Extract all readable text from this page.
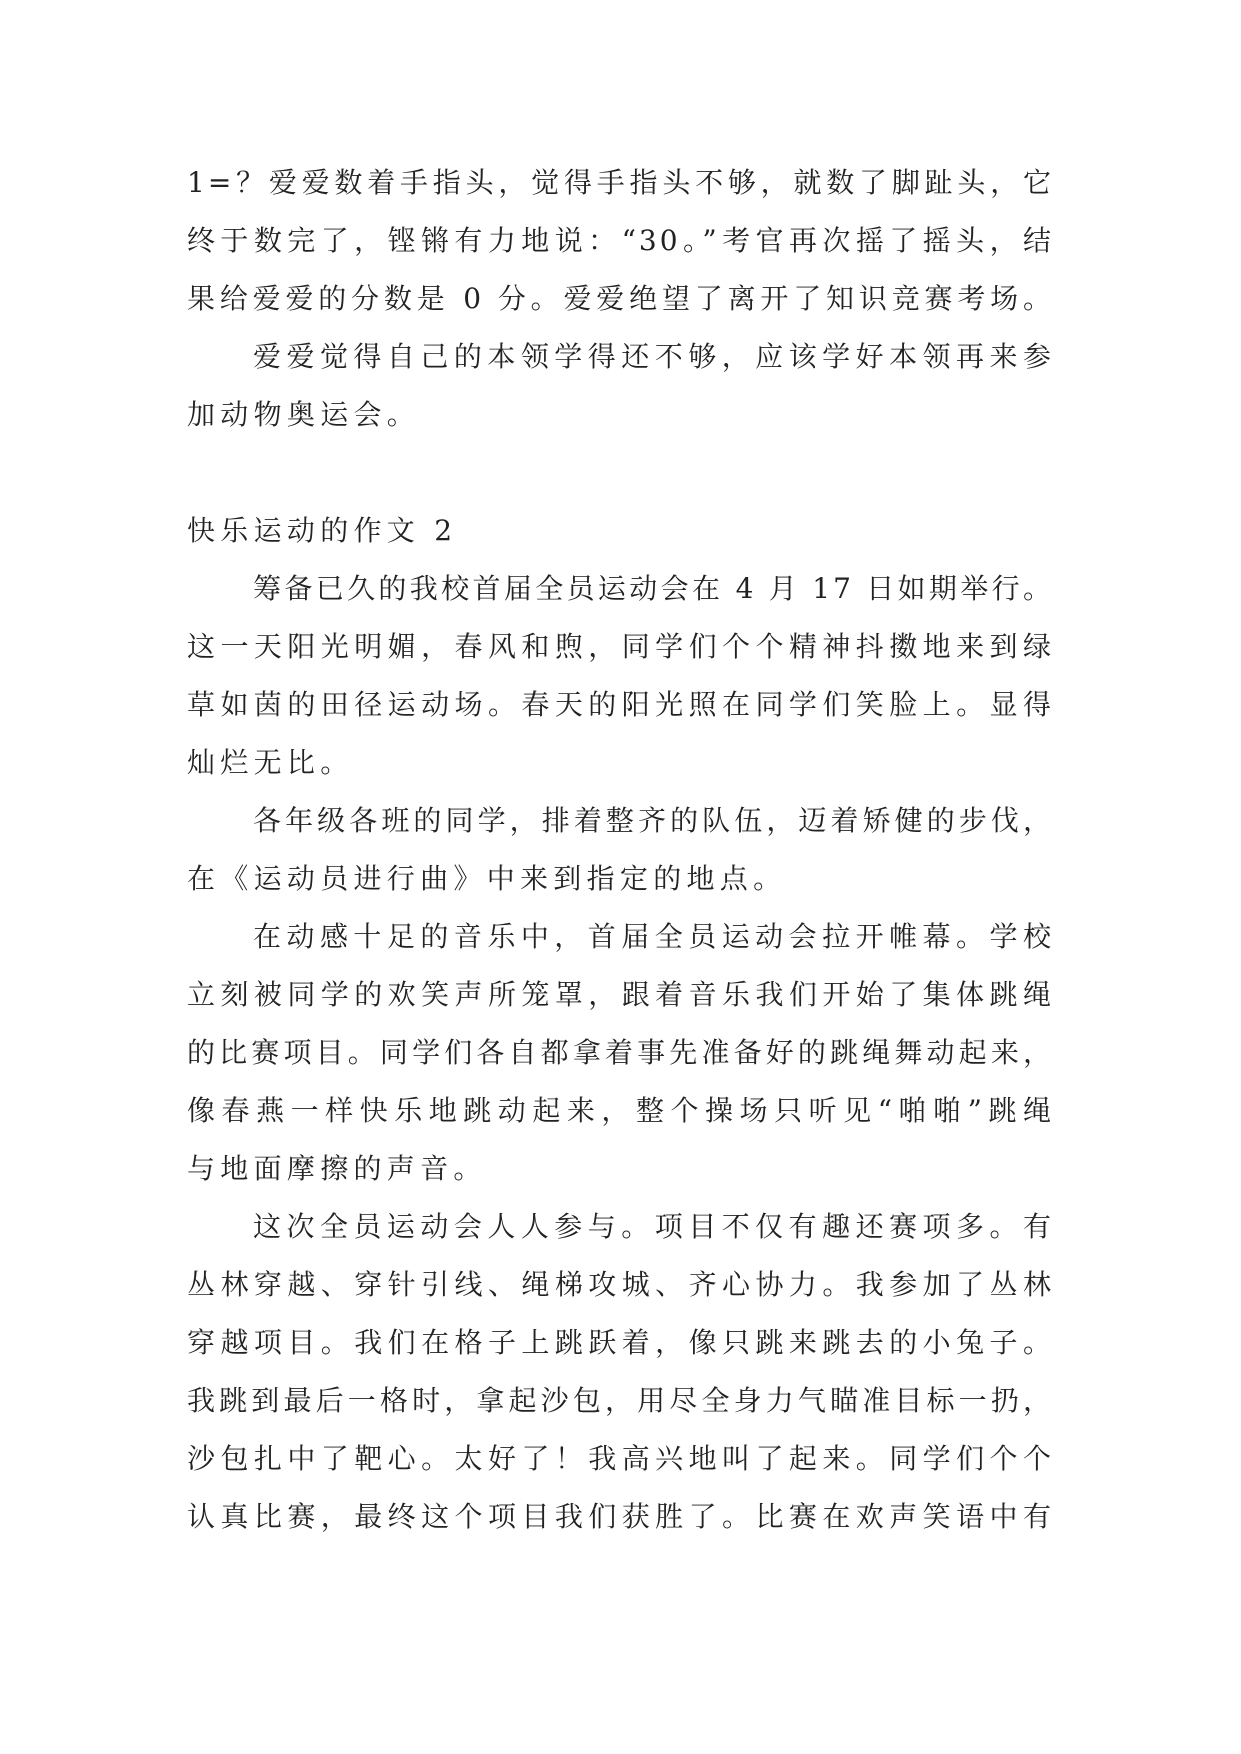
1=？爱爱数着手指头，觉得手指头不够，就数了脚趾头，它
终于数完了，铿锵有力地说：“30。”考官再次摇了摇头，结
果给爱爱的分数是 0 分。爱爱绝望了离开了知识竞赛考场。
爱爱觉得自己的本领学得还不够，应该学好本领再来参
加动物奥运会。
快乐运动的作文 2
筹备已久的我校首届全员运动会在 4 月 17 日如期举行。
这一天阳光明媚，春风和煦，同学们个个精神抖擞地来到绿
草如茵的田径运动场。春天的阳光照在同学们笑脸上。显得
灿烂无比。
各年级各班的同学，排着整齐的队伍，迈着矫健的步伐，
在《运动员进行曲》中来到指定的地点。
在动感十足的音乐中，首届全员运动会拉开帷幕。学校
立刻被同学的欢笑声所笼罩，跟着音乐我们开始了集体跳绳
的比赛项目。同学们各自都拿着事先准备好的跳绳舞动起来，
像春燕一样快乐地跳动起来，整个操场只听见“啪啪”跳绳
与地面摩擦的声音。
这次全员运动会人人参与。项目不仅有趣还赛项多。有
丛林穿越、穿针引线、绳梯攻城、齐心协力。我参加了丛林
穿越项目。我们在格子上跳跃着，像只跳来跳去的小兔子。
我跳到最后一格时，拿起沙包，用尽全身力气瞄准目标一扔，
沙包扎中了靶心。太好了！我高兴地叫了起来。同学们个个
认真比赛，最终这个项目我们获胜了。比赛在欢声笑语中有
